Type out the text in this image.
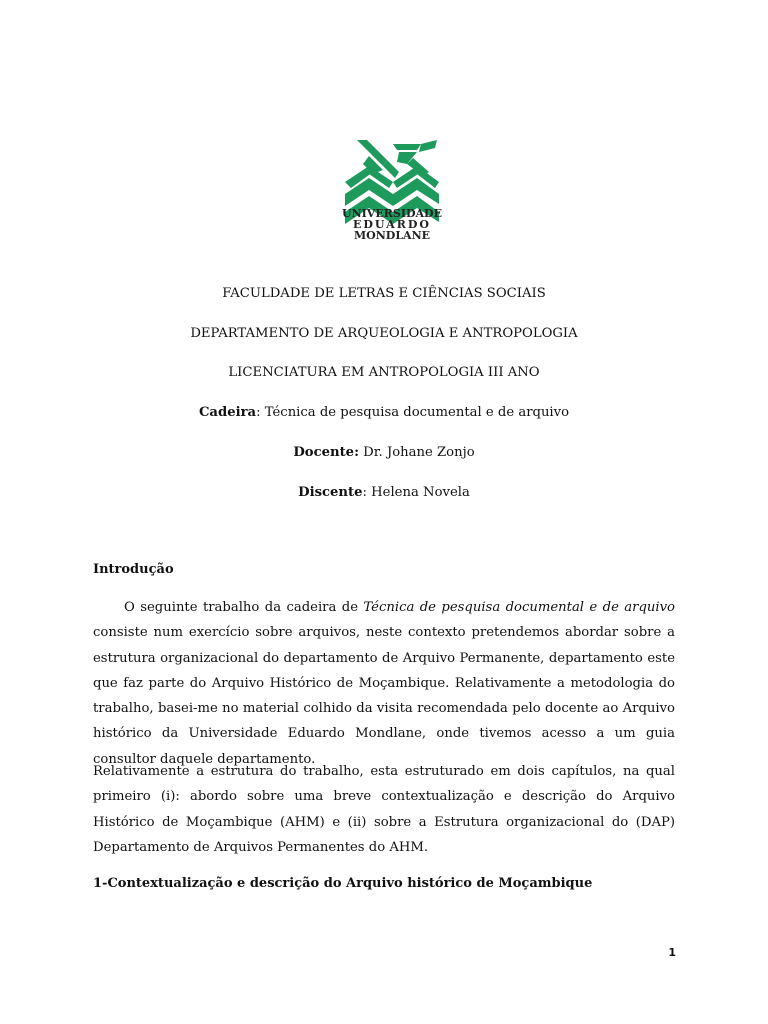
UNIVERSIDADE
EDUARDO
MONDLANE
FACULDADE DE LETRAS E CIÊNCIAS SOCIAIS
DEPARTAMENTO DE ARQUEOLOGIA E ANTROPOLOGIA
LICENCIATURA EM ANTROPOLOGIA III ANO
Cadeira: Técnica de pesquisa documental e de arquivo
Docente: Dr. Johane Zonjo
Discente: Helena Novela
Introdução

O seguinte trabalho da cadeira de Técnica de pesquisa documental e de arquivo consiste num exercício sobre arquivos, neste contexto pretendemos abordar sobre a estrutura organizacional do departamento de Arquivo Permanente, departamento este que faz parte do Arquivo Histórico de Moçambique. Relativamente a metodologia do trabalho, basei-me no material colhido da visita recomendada pelo docente ao Arquivo histórico da Universidade Eduardo Mondlane, onde tivemos acesso a um guia consultor daquele departamento.

Relativamente a estrutura do trabalho, esta estruturado em dois capítulos, na qual primeiro (i): abordo sobre uma breve contextualização e descrição do Arquivo Histórico de Moçambique (AHM) e (ii) sobre a Estrutura organizacional do (DAP) Departamento de Arquivos Permanentes do AHM.

1-Contextualização e descrição do Arquivo histórico de Moçambique
1
